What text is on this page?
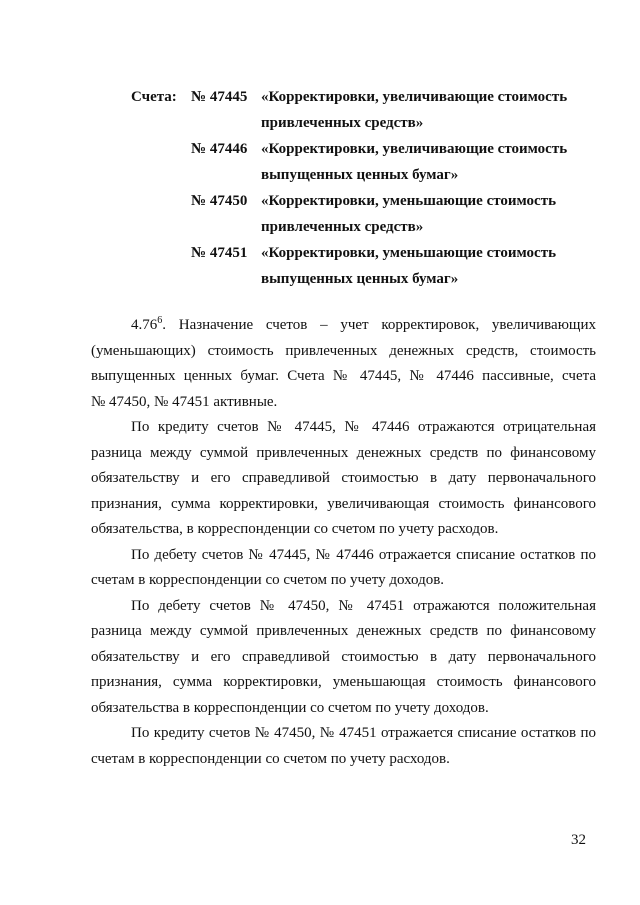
Счета: № 47445 «Корректировки, увеличивающие стоимость
привлеченных средств»
№ 47446 «Корректировки, увеличивающие стоимость
выпущенных ценных бумаг»
№ 47450 «Корректировки, уменьшающие стоимость
привлеченных средств»
№ 47451 «Корректировки, уменьшающие стоимость
выпущенных ценных бумаг»
4.76$^6$. Назначение счетов – учет корректировок, увеличивающих
(уменьшающих) стоимость привлеченных денежных средств, стоимость
выпущенных ценных бумаг. Счета № 47445, № 47446 пассивные, счета
№ 47450, № 47451 активные.
По кредиту счетов № 47445, № 47446 отражаются отрицательная
разница между суммой привлеченных денежных средств по финансовому
обязательству и его справедливой стоимостью в дату первоначального
признания, сумма корректировки, увеличивающая стоимость финансового
обязательства, в корреспонденции со счетом по учету расходов.
По дебету счетов № 47445, № 47446 отражается списание остатков по
счетам в корреспонденции со счетом по учету доходов.
По дебету счетов № 47450, № 47451 отражаются положительная
разница между суммой привлеченных денежных средств по финансовому
обязательству и его справедливой стоимостью в дату первоначального
признания, сумма корректировки, уменьшающая стоимость финансового
обязательства в корреспонденции со счетом по учету доходов.
По кредиту счетов № 47450, № 47451 отражается списание остатков по
счетам в корреспонденции со счетом по учету расходов.
32
